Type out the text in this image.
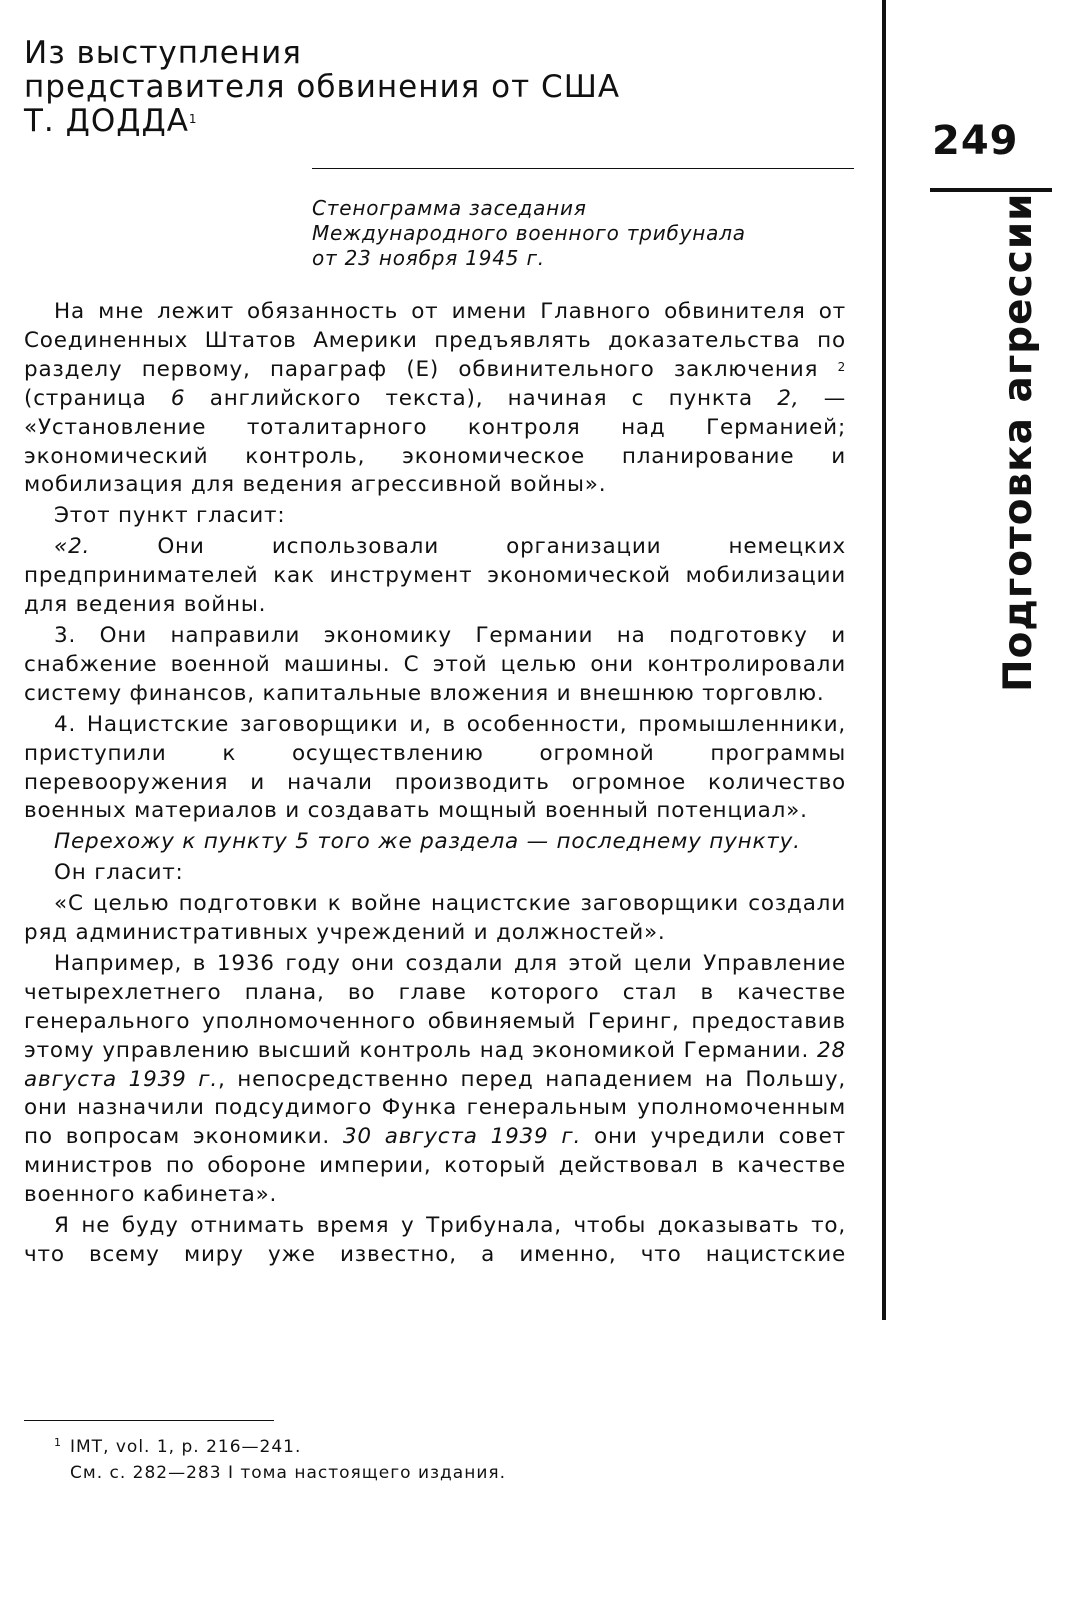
Из выступления
представителя обвинения от США
Т. ДОДДА$^1$
Стенограмма заседания
Международного военного трибунала
от 23 ноября 1945 г.
249
Подготовка агрессии

На мне лежит обязанность от имени Главного обвинителя от Соединенных Штатов Америки предъявлять доказательства по разделу первому, параграф (Е) обвинительного заключения $^2$ (страница 6 английского текста), начиная с пункта 2, — «Установление тоталитарного контроля над Германией; экономический контроль, экономическое планирование и мобилизация для ведения агрессивной войны».

Этот пункт гласит:

«2. Они использовали организации немецких предпринимателей как инструмент экономической мобилизации для ведения войны.

3. Они направили экономику Германии на подготовку и снабжение военной машины. С этой целью они контролировали систему финансов, капитальные вложения и внешнюю торговлю.

4. Нацистские заговорщики и, в особенности, промышленники, приступили к осуществлению огромной программы перевооружения и начали производить огромное количество военных материалов и создавать мощный военный потенциал».

Перехожу к пункту 5 того же раздела — последнему пункту.

Он гласит:

«С целью подготовки к войне нацистские заговорщики создали ряд административных учреждений и должностей».

Например, в 1936 году они создали для этой цели Управление четырехлетнего плана, во главе которого стал в качестве генерального уполномоченного обвиняемый Геринг, предоставив этому управлению высший контроль над экономикой Германии. 28 августа 1939 г., непосредственно перед нападением на Польшу, они назначили подсудимого Функа генеральным уполномоченным по вопросам экономики. 30 августа 1939 г. они учредили совет министров по обороне империи, который действовал в качестве военного кабинета».

Я не буду отнимать время у Трибунала, чтобы доказывать то, что всему миру уже известно, а именно, что нацистские

1 IMT, vol. 1, p. 216—241.
См. с. 282—283 I тома настоящего издания.
